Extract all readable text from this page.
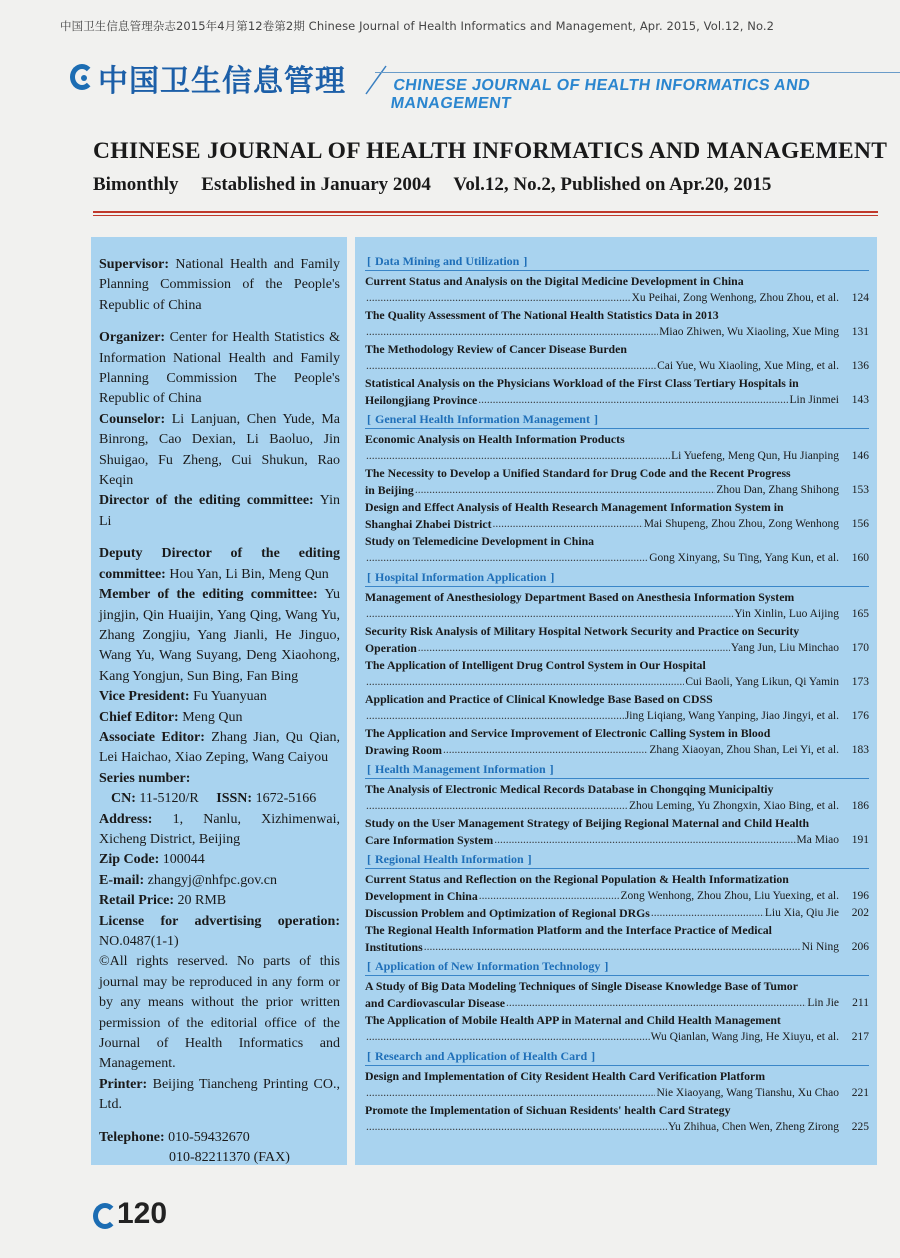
中国卫生信息管理杂志2015年4月第12卷第2期 Chinese Journal of Health Informatics and Management, Apr. 2015, Vol.12, No.2
中国卫生信息管理	CHINESE JOURNAL OF HEALTH INFORMATICS AND MANAGEMENT
CHINESE JOURNAL OF HEALTH INFORMATICS AND MANAGEMENT
Bimonthly Established in January 2004 Vol.12, No.2, Published on Apr.20, 2015

Supervisor: National Health and Family Planning Commission of the People's Republic of China

Organizer: Center for Health Statistics & Information National Health and Family Planning Commission The People's Republic of China

Counselor: Li Lanjuan, Chen Yude, Ma Binrong, Cao Dexian, Li Baoluo, Jin Shuigao, Fu Zheng, Cui Shukun, Rao Keqin

Director of the editing committee: Yin Li

Deputy Director of the editing committee: Hou Yan, Li Bin, Meng Qun

Member of the editing committee: Yu jingjin, Qin Huaijin, Yang Qing, Wang Yu, Zhang Zongjiu, Yang Jianli, He Jinguo, Wang Yu, Wang Suyang, Deng Xiaohong, Kang Yongjun, Sun Bing, Fan Bing

Vice President: Fu Yuanyuan

Chief Editor: Meng Qun

Associate Editor: Zhang Jian, Qu Qian, Lei Haichao, Xiao Zeping, Wang Caiyou

Series number:

CN: 11-5120/R ISSN: 1672-5166

Address: 1, Nanlu, Xizhimenwai, Xicheng District, Beijing

Zip Code: 100044

E-mail: zhangyj@nhfpc.gov.cn

Retail Price: 20 RMB

License for advertising operation: NO.0487(1-1)

©All rights reserved. No parts of this journal may be reproduced in any form or by any means without the prior written permission of the editorial office of the Journal of Health Informatics and Management.

Printer: Beijing Tiancheng Printing CO., Ltd.

Telephone: 010-59432670

010-82211370 (FAX)

[ Data Mining and Utilization ]
Current Status and Analysis on the Digital Medicine Development in China
.....
Xu Peihai, Zong Wenhong, Zhou Zhou, et al.	124
The Quality Assessment of The National Health Statistics Data in 2013
.....
Miao Zhiwen, Wu Xiaoling, Xue Ming	131
The Methodology Review of Cancer Disease Burden
.....
Cai Yue, Wu Xiaoling, Xue Ming, et al.	136
Statistical Analysis on the Physicians Workload of the First Class Tertiary Hospitals in
Heilongjiang Province .....	Lin Jinmei	143
[ General Health Information Management ]
Economic Analysis on Health Information Products
.....
Li Yuefeng, Meng Qun, Hu Jianping	146
The Necessity to Develop a Unified Standard for Drug Code and the Recent Progress
in Beijing .....	Zhou Dan, Zhang Shihong	153
Design and Effect Analysis of Health Research Management Information System in
Shanghai Zhabei District .....	Mai Shupeng, Zhou Zhou, Zong Wenhong	156
Study on Telemedicine Development in China
.....
Gong Xinyang, Su Ting, Yang Kun, et al.	160
[ Hospital Information Application ]
Management of Anesthesiology Department Based on Anesthesia Information System
.....
Yin Xinlin, Luo Aijing	165
Security Risk Analysis of Military Hospital Network Security and Practice on Security
Operation .....	Yang Jun, Liu Minchao	170
The Application of Intelligent Drug Control System in Our Hospital
.....
Cui Baoli, Yang Likun, Qi Yamin	173
Application and Practice of Clinical Knowledge Base Based on CDSS
.....
Jing Liqiang, Wang Yanping, Jiao Jingyi, et al.	176
The Application and Service Improvement of Electronic Calling System in Blood
Drawing Room .....	Zhang Xiaoyan, Zhou Shan, Lei Yi, et al.	183
[ Health Management Information ]
The Analysis of Electronic Medical Records Database in Chongqing Municipaltiy
.....
Zhou Leming, Yu Zhongxin, Xiao Bing, et al.	186
Study on the User Management Strategy of Beijing Regional Maternal and Child Health
Care Information System .....	Ma Miao	191
[ Regional Health Information ]
Current Status and Reflection on the Regional Population & Health Informatization
Development in China .....	Zong Wenhong, Zhou Zhou, Liu Yuexing, et al.	196
Discussion Problem and Optimization of Regional DRGs .....	Liu Xia, Qiu Jie	202
The Regional Health Information Platform and the Interface Practice of Medical
Institutions .....	Ni Ning	206
[ Application of New Information Technology ]
A Study of Big Data Modeling Techniques of Single Disease Knowledge Base of Tumor
and Cardiovascular Disease .....	Lin Jie	211
The Application of Mobile Health APP in Maternal and Child Health Management
.....
Wu Qianlan, Wang Jing, He Xiuyu, et al.	217
[ Research and Application of Health Card ]
Design and Implementation of City Resident Health Card Verification Platform
.....
Nie Xiaoyang, Wang Tianshu, Xu Chao	221
Promote the Implementation of Sichuan Residents' health Card Strategy
.....
Yu Zhihua, Chen Wen, Zheng Zirong	225
120
